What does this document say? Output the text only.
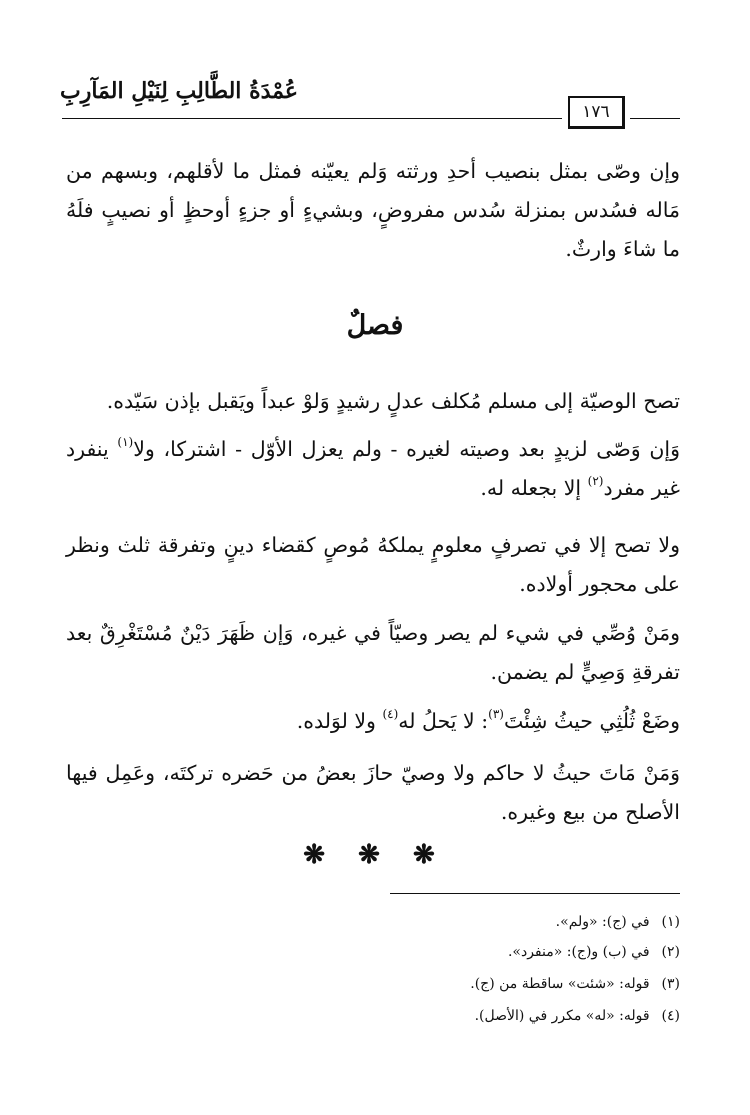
عُمْدَةُ الطَّالِبِ لِنَيْلِ المَآرِبِ
١٧٦
وإن وصّى بمثل بنصيب أحدِ ورثته وَلم يعيّنه فمثل ما لأقلهم، وبسهم من مَاله فسُدس بمنزلة سُدس مفروضٍ، وبشيءٍ أو جزءٍ أوحظٍ أو نصيبٍ فلَهُ ما شاءَ وارثٌ.
فصلٌ
تصح الوصيّة إلى مسلم مُكلف عدلٍ رشيدٍ وَلوْ عبداً ويَقبل بإذن سَيّده.
وَإن وَصّى لزيدٍ بعد وصيته لغيره - ولم يعزل الأوّل - اشتركا، ولا$^{(١)}$ ينفرد غير مفرد$^{(٢)}$ إلا بجعله له.
ولا تصح إلا في تصرفٍ معلومٍ يملكهُ مُوصٍ كقضاء دينٍ وتفرقة ثلث ونظر على محجور أولاده.
ومَنْ وُصِّي في شيء لم يصر وصيّاً في غيره، وَإن ظَهَرَ دَيْنٌ مُسْتَغْرِقٌ بعد تفرقةِ وَصِيٍّ لم يضمن.
وضَعْ ثُلُثِي حيثُ شِئْتَ$^{(٣)}$: لا يَحلُ له$^{(٤)}$ ولا لوَلده.
وَمَنْ مَاتَ حيثُ لا حاكم ولا وصيّ حازَ بعضُ من حَضره تركتَه، وعَمِل فيها الأصلح من بيع وغيره.
❋ ❋ ❋
(١) في (ج): «ولم».
(٢) في (ب) و(ج): «منفرد».
(٣) قوله: «شئت» ساقطة من (ج).
(٤) قوله: «له» مكرر في (الأصل).
